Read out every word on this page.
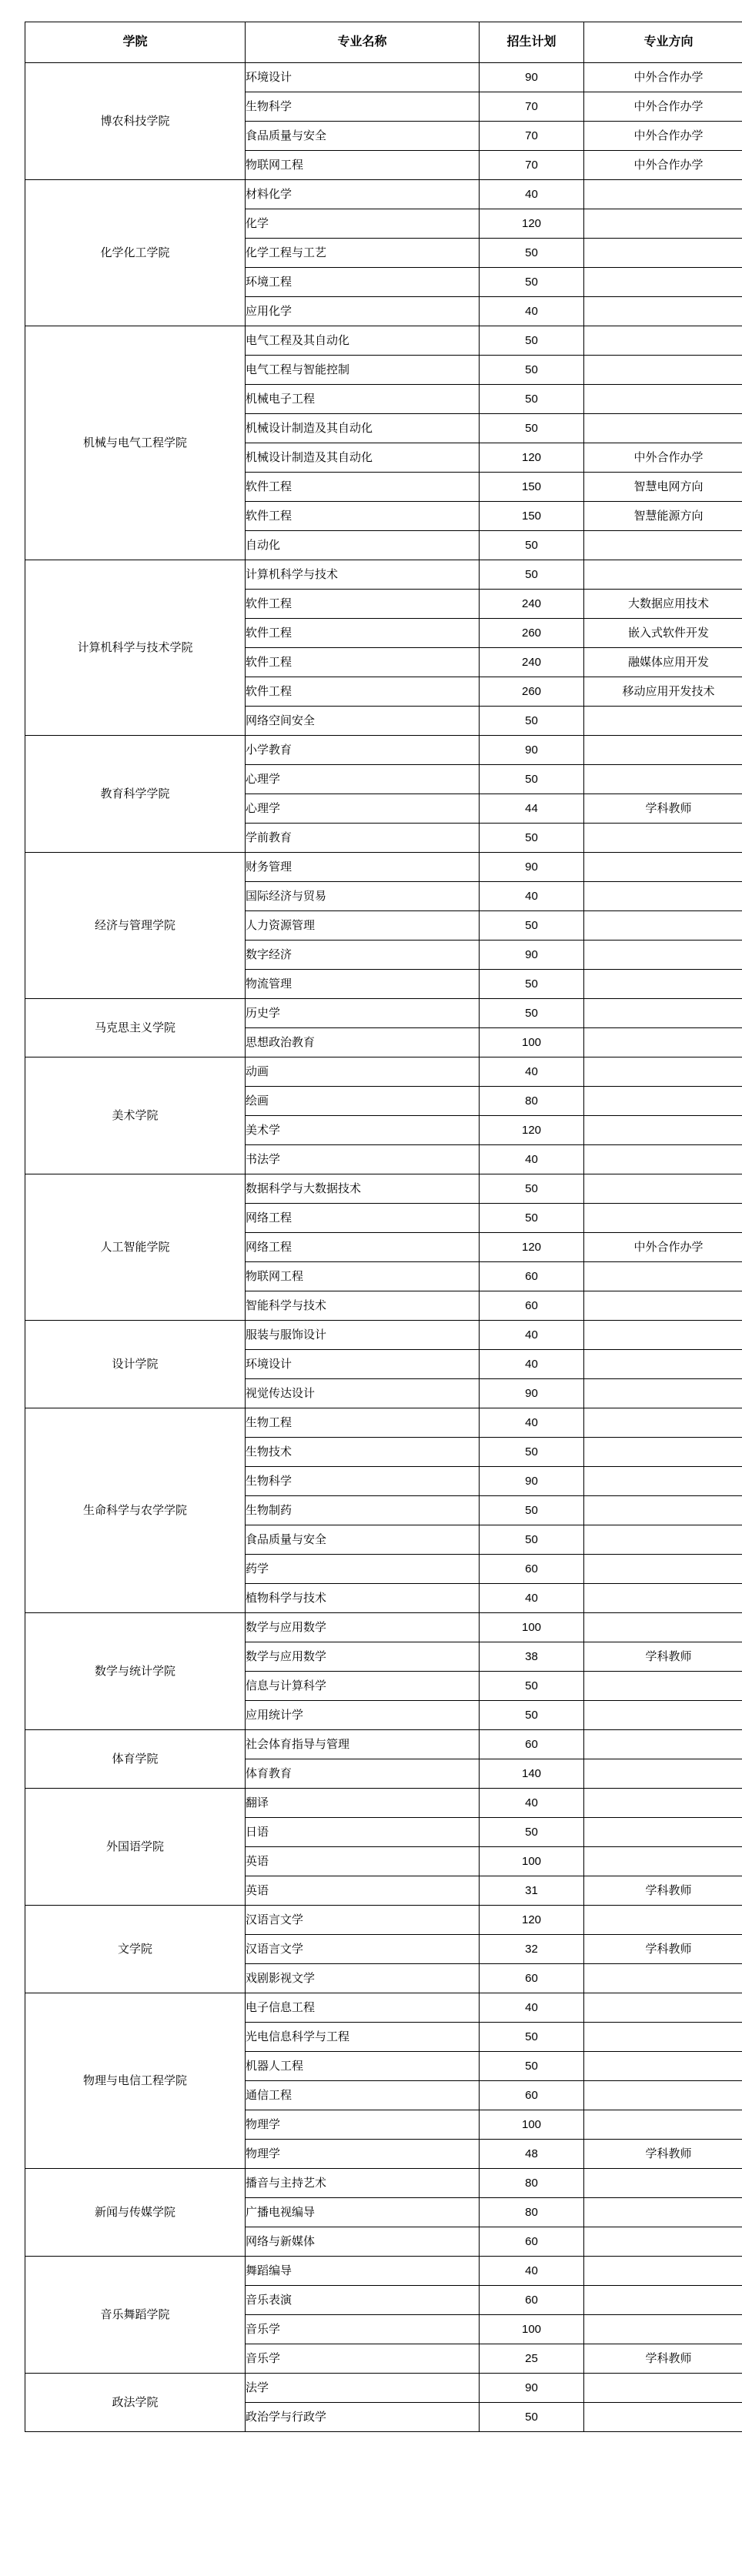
学院	专业名称	招生计划	专业方向
博农科技学院	环境设计	90	中外合作办学
	生物科学	70	中外合作办学
	食品质量与安全	70	中外合作办学
	物联网工程	70	中外合作办学
化学化工学院	材料化学	40	
	化学	120	
	化学工程与工艺	50	
	环境工程	50	
	应用化学	40	
机械与电气工程学院	电气工程及其自动化	50	
	电气工程与智能控制	50	
	机械电子工程	50	
	机械设计制造及其自动化	50	
	机械设计制造及其自动化	120	中外合作办学
	软件工程	150	智慧电网方向
	软件工程	150	智慧能源方向
	自动化	50	
计算机科学与技术学院	计算机科学与技术	50	
	软件工程	240	大数据应用技术
	软件工程	260	嵌入式软件开发
	软件工程	240	融媒体应用开发
	软件工程	260	移动应用开发技术
	网络空间安全	50	
教育科学学院	小学教育	90	
	心理学	50	
	心理学	44	学科教师
	学前教育	50	
经济与管理学院	财务管理	90	
	国际经济与贸易	40	
	人力资源管理	50	
	数字经济	90	
	物流管理	50	
马克思主义学院	历史学	50	
	思想政治教育	100	
美术学院	动画	40	
	绘画	80	
	美术学	120	
	书法学	40	
人工智能学院	数据科学与大数据技术	50	
	网络工程	50	
	网络工程	120	中外合作办学
	物联网工程	60	
	智能科学与技术	60	
设计学院	服装与服饰设计	40	
	环境设计	40	
	视觉传达设计	90	
生命科学与农学学院	生物工程	40	
	生物技术	50	
	生物科学	90	
	生物制药	50	
	食品质量与安全	50	
	药学	60	
	植物科学与技术	40	
数学与统计学院	数学与应用数学	100	
	数学与应用数学	38	学科教师
	信息与计算科学	50	
	应用统计学	50	
体育学院	社会体育指导与管理	60	
	体育教育	140	
外国语学院	翻译	40	
	日语	50	
	英语	100	
	英语	31	学科教师
文学院	汉语言文学	120	
	汉语言文学	32	学科教师
	戏剧影视文学	60	
物理与电信工程学院	电子信息工程	40	
	光电信息科学与工程	50	
	机器人工程	50	
	通信工程	60	
	物理学	100	
	物理学	48	学科教师
新闻与传媒学院	播音与主持艺术	80	
	广播电视编导	80	
	网络与新媒体	60	
音乐舞蹈学院	舞蹈编导	40	
	音乐表演	60	
	音乐学	100	
	音乐学	25	学科教师
政法学院	法学	90	
	政治学与行政学	50	
